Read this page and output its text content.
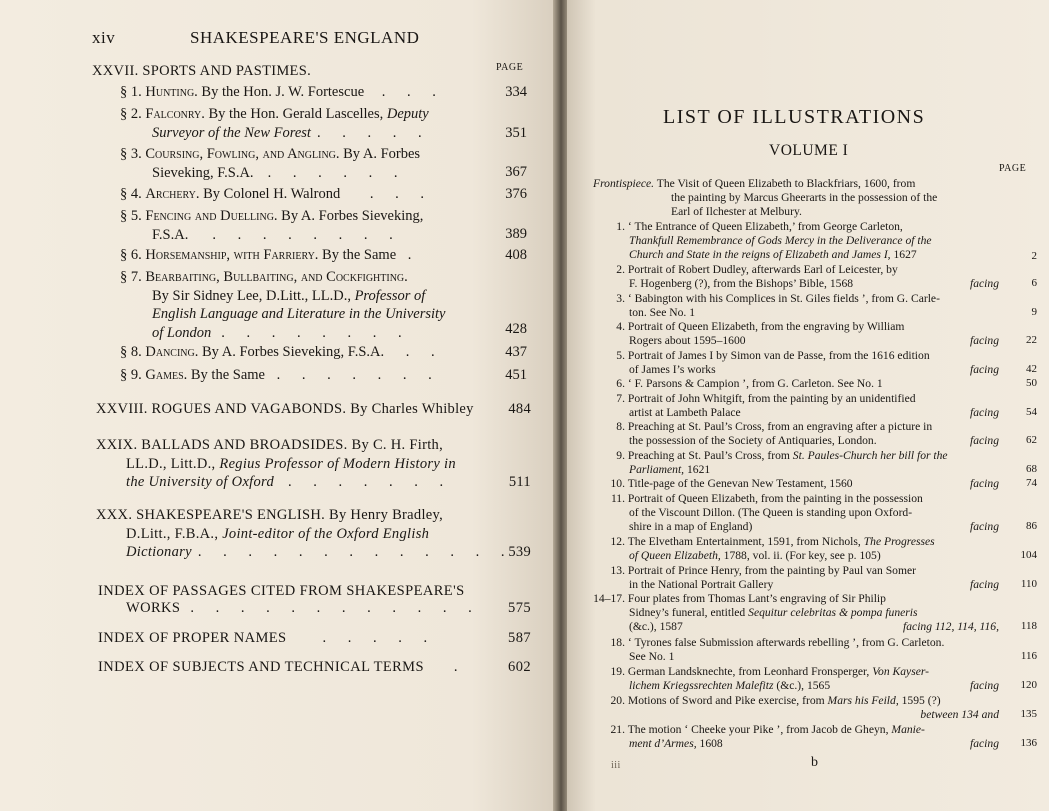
xiv	SHAKESPEARE'S ENGLAND
PAGE
XXVII. SPORTS AND PASTIMES.
§ 1. Hunting. By the Hon. J. W. Fortescue . . .	334
§ 2. Falconry. By the Hon. Gerald Lascelles, Deputy
Surveyor of the New Forest . . . . .	351
§ 3. Coursing, Fowling, and Angling. By A. Forbes
Sieveking, F.S.A. . . . . . .	367
§ 4. Archery. By Colonel H. Walrond . . .	376
§ 5. Fencing and Duelling. By A. Forbes Sieveking,
F.S.A. . . . . . . . .	389
§ 6. Horsemanship, with Farriery. By the Same .	408
§ 7. Bearbaiting, Bullbaiting, and Cockfighting.
By Sir Sidney Lee, D.Litt., LL.D., Professor of
English Language and Literature in the University
of London . . . . . . . .	428
§ 8. Dancing. By A. Forbes Sieveking, F.S.A. . .	437
§ 9. Games. By the Same . . . . . . .	451
XXVIII. ROGUES AND VAGABONDS. By Charles Whibley 484
XXIX. BALLADS AND BROADSIDES. By C. H. Firth,
LL.D., Litt.D., Regius Professor of Modern History in
the University of Oxford . . . . . . .	511
XXX. SHAKESPEARE'S ENGLISH. By Henry Bradley,
D.Litt., F.B.A., Joint-editor of the Oxford English
Dictionary . . . . . . . . . . . . .
539
INDEX OF PASSAGES CITED FROM SHAKESPEARE'S
WORKS . . . . . . . . . . . . 575
INDEX OF PROPER NAMES . . . . .	587
INDEX OF SUBJECTS AND TECHNICAL TERMS .	602
LIST OF ILLUSTRATIONS
VOLUME I
PAGE
Frontispiece. The Visit of Queen Elizabeth to Blackfriars, 1600, from
the painting by Marcus Gheerarts in the possession of the
Earl of Ilchester at Melbury.
1. ‘ The Entrance of Queen Elizabeth,’ from George Carleton,
Thankfull Remembrance of Gods Mercy in the Deliverance of the
Church and State in the reigns of Elizabeth and James I, 1627	2
2. Portrait of Robert Dudley, afterwards Earl of Leicester, by
F. Hogenberg (?), from the Bishops’ Bible, 1568	facing	6
3. ‘ Babington with his Complices in St. Giles fields ’, from G. Carle-
ton. See No. 1	9
4. Portrait of Queen Elizabeth, from the engraving by William
Rogers about 1595–1600	facing 22
5. Portrait of James I by Simon van de Passe, from the 1616 edition
of James I’s works	facing 42
6. ‘ F. Parsons & Campion ’, from G. Carleton. See No. 1	50
7. Portrait of John Whitgift, from the painting by an unidentified
artist at Lambeth Palace	facing 54
8. Preaching at St. Paul’s Cross, from an engraving after a picture in
the possession of the Society of Antiquaries, London.	facing 62
9. Preaching at St. Paul’s Cross, from St. Paules-Church her bill for the
Parliament, 1621	68
10. Title-page of the Genevan New Testament, 1560	facing 74
11. Portrait of Queen Elizabeth, from the painting in the possession
of the Viscount Dillon. (The Queen is standing upon Oxford-
shire in a map of England)	facing 86
12. The Elvetham Entertainment, 1591, from Nichols, The Progresses
of Queen Elizabeth, 1788, vol. ii. (For key, see p. 105)	104
13. Portrait of Prince Henry, from the painting by Paul van Somer
in the National Portrait Gallery	facing 110
14–17. Four plates from Thomas Lant’s engraving of Sir Philip
Sidney’s funeral, entitled Sequitur celebritas & pompa funeris
(&c.), 1587	facing 112, 114, 116, 118
18. ‘ Tyrones false Submission afterwards rebelling ’, from G. Carleton.
See No. 1	116
19. German Landsknechte, from Leonhard Fronsperger, Von Kayser-
lichem Kriegssrechten Malefitz (&c.), 1565	facing 120
20. Motions of Sword and Pike exercise, from Mars his Feild, 1595 (?)
between 134 and
135
21. The motion ‘ Cheeke your Pike ’, from Jacob de Gheyn, Manie-
ment d’Armes, 1608	facing 136
iii	b
